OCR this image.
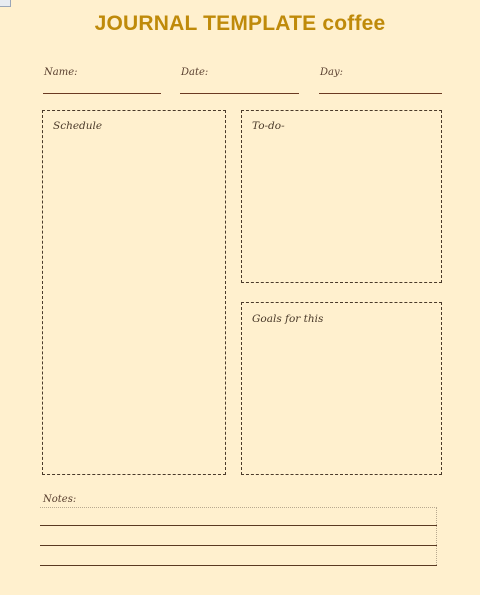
JOURNAL TEMPLATE coffee
Name:	Date:	Day:
Schedule	To-do-
Goals for this
Notes:
